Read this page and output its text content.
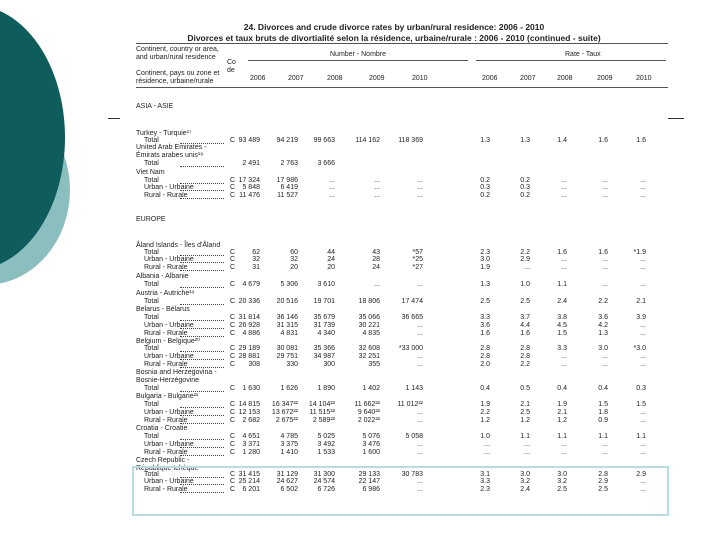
24. Divorces and crude divorce rates by urban/rural residence: 2006 - 2010
Divorces et taux bruts de divortialité selon la résidence, urbaine/rurale : 2006 - 2010 (continued - suite)
Continent, country or area,
and urban/rural residence
Continent, pays ou zone et
résidence, urbaine/rurale
Co
de
Number - Nombre	Rate - Taux
2006	2007	2008	2009	2010	2006	2007	2008	2009	2010
ASIA - ASIE
Turkey - Turquie¹⁷
Total	C 93 489	94 219	99 663	114 162	118 369	1.3	1.3	1.4	1.6	1.6
United Arab Emirates -
Émirats arabes unis¹⁸
Total	2 491	2 763	3 666
Viet Nam
Total	C 17 324	17 986	...	...	...	0.2	0.2	...	...	...
Urban - Urbaine	C	5 848	6 419	...	...	...	0.3	0.3	...	...	...
Rural - Rurale	C 11 476	11 527	...	...	...	0.2	0.2	...	...	...
EUROPE
Åland Islands - Îles d'Åland
Total	C	62	60	44	43	*57	2.3	2.2	1.6	1.6	*1.9
Urban - Urbaine	C	32	32	24	28	*25	3.0	2.9	...	...	...
Rural - Rurale	C	31	20	20	24	*27	1.9	...	...	...	...
Albania - Albanie
Total	C	4 679	5 306	3 610	...	...	1.3	1.0	1.1	...	...
Austria - Autriche¹⁹
Total	C 20 336	20 516	19 701	18 806	17 474	2.5	2.5	2.4	2.2	2.1
Belarus - Bélarus
Total	C 31 814	36 146	35 679	35 066	36 665	3.3	3.7	3.8	3.6	3.9
Urban - Urbaine	C 26 928	31 315	31 739	30 221	...	3.6	4.4	4.5	4.2	...
Rural - Rurale	C	4 886	4 831	4 340	4 835	...	1.6	1.6	1.5	1.3	...
Belgium - Belgique²⁰
Total	C 29 189	30 081	35 366	32 608	*33 000	2.8	2.8	3.3	3.0	*3.0
Urban - Urbaine	C 28 881	29 751	34 987	32 251	...	2.8	2.8	...	...	...
Rural - Rurale	C	308	330	300	355	...	2.0	2.2	...	...	...
Bosnia and Herzegovina -
Bosnie-Herzégovine
Total	C	1 630	1 626	1 890	1 402	1 143	0.4	0.5	0.4	0.4	0.3
Bulgaria - Bulgarie²¹
Total	C 14 815	16 347²²	14 104²²	11 662²²	11 012²²	1.9	2.1	1.9	1.5	1.5
Urban - Urbaine	C 12 153	13 672²²	11 515²²	9 640²²	...	2.2	2.5	2.1	1.8	...
Rural - Rurale	C	2 682	2 675²²	2 589²²	2 022²²	...	1.2	1.2	1.2	0.9	...
Croatia - Croatie
Total	C	4 651	4 785	5 025	5 076	5 058	1.0	1.1	1.1	1.1	1.1
Urban - Urbaine	C	3 371	3 375	3 492	3 476	...	...	...	...	...	...
Rural - Rurale	C	1 280	1 410	1 533	1 600	...	...	...	...	...	...
Czech Republic -
République tchèque
Total	C 31 415	31 129	31 300	29 133	30 783	3.1	3.0	3.0	2.8	2.9
Urban - Urbaine	C 25 214	24 627	24 574	22 147	...	3.3	3.2	3.2	2.9	...
Rural - Rurale	C	6 201	6 502	6 726	6 986	...	2.3	2.4	2.5	2.5	...
